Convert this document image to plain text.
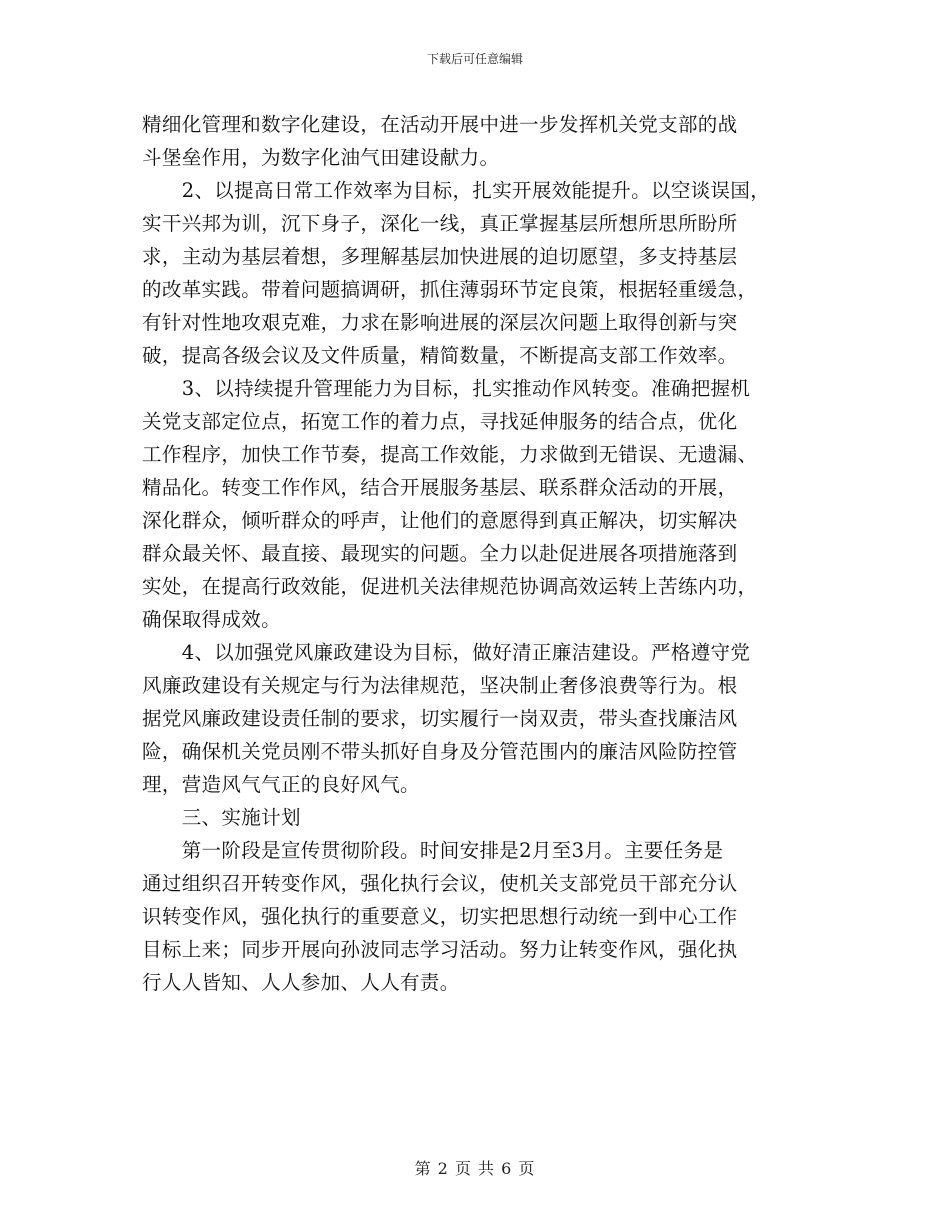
下载后可任意编辑
精细化管理和数字化建设，在活动开展中进一步发挥机关党支部的战
斗堡垒作用，为数字化油气田建设献力。
　　2、以提高日常工作效率为目标，扎实开展效能提升。以空谈误国，
实干兴邦为训，沉下身子，深化一线，真正掌握基层所想所思所盼所
求，主动为基层着想，多理解基层加快进展的迫切愿望，多支持基层
的改革实践。带着问题搞调研，抓住薄弱环节定良策，根据轻重缓急，
有针对性地攻艰克难，力求在影响进展的深层次问题上取得创新与突
破，提高各级会议及文件质量，精简数量，不断提高支部工作效率。
　　3、以持续提升管理能力为目标，扎实推动作风转变。准确把握机
关党支部定位点，拓宽工作的着力点，寻找延伸服务的结合点，优化
工作程序，加快工作节奏，提高工作效能，力求做到无错误、无遗漏、
精品化。转变工作作风，结合开展服务基层、联系群众活动的开展，
深化群众，倾听群众的呼声，让他们的意愿得到真正解决，切实解决
群众最关怀、最直接、最现实的问题。全力以赴促进展各项措施落到
实处，在提高行政效能，促进机关法律规范协调高效运转上苦练内功，
确保取得成效。
　　4、以加强党风廉政建设为目标，做好清正廉洁建设。严格遵守党
风廉政建设有关规定与行为法律规范，坚决制止奢侈浪费等行为。根
据党风廉政建设责任制的要求，切实履行一岗双责，带头查找廉洁风
险，确保机关党员刚不带头抓好自身及分管范围内的廉洁风险防控管
理，营造风气气正的良好风气。
　　三、实施计划
　　第一阶段是宣传贯彻阶段。时间安排是2月至3月。主要任务是
通过组织召开转变作风，强化执行会议，使机关支部党员干部充分认
识转变作风，强化执行的重要意义，切实把思想行动统一到中心工作
目标上来；同步开展向孙波同志学习活动。努力让转变作风，强化执
行人人皆知、人人参加、人人有责。
第 2 页 共 6 页
